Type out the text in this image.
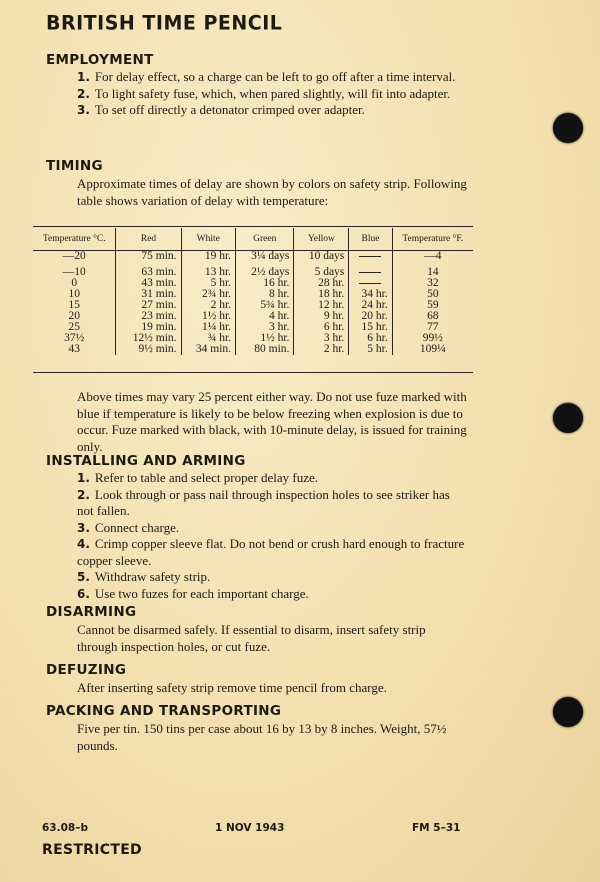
BRITISH TIME PENCIL
EMPLOYMENT

1. For delay effect, so a charge can be left to go off after a time interval.

2. To light safety fuse, which, when pared slightly, will fit into adapter.

3. To set off directly a detonator crimped over adapter.

TIMING
Approximate times of delay are shown by colors on safety strip. Following table shows variation of delay with temperature:
Temperature °C.	Red	White	Green	Yellow	Blue	Temperature °F.
—20	75 min.	19 hr.	3¼ days	10 days		—4
—10	63 min.	13 hr.	2½ days	5 days		14
0	43 min.	5 hr.	16 hr.	28 hr.		32
10	31 min.	2¾ hr.	8 hr.	18 hr.	34 hr.	50
15	27 min.	2 hr.	5¾ hr.	12 hr.	24 hr.	59
20	23 min.	1½ hr.	4 hr.	9 hr.	20 hr.	68
25	19 min.	1¼ hr.	3 hr.	6 hr.	15 hr.	77
37½	12½ min.	¾ hr.	1½ hr.	3 hr.	6 hr.	99½
43	9½ min.	34 min.	80 min.	2 hr.	5 hr.	109¼
Above times may vary 25 percent either way. Do not use fuze marked with blue if temperature is likely to be below freezing when explosion is due to occur. Fuze marked with black, with 10-minute delay, is issued for training only.
INSTALLING AND ARMING

1. Refer to table and select proper delay fuze.

2. Look through or pass nail through inspection holes to see striker has not fallen.

3. Connect charge.

4. Crimp copper sleeve flat. Do not bend or crush hard enough to fracture copper sleeve.

5. Withdraw safety strip.

6. Use two fuzes for each important charge.

DISARMING
Cannot be disarmed safely. If essential to disarm, insert safety strip through inspection holes, or cut fuze.
DEFUZING
After inserting safety strip remove time pencil from charge.
PACKING AND TRANSPORTING
Five per tin. 150 tins per case about 16 by 13 by 8 inches. Weight, 57½ pounds.
63.08–b	1 NOV 1943	FM 5–31
RESTRICTED
